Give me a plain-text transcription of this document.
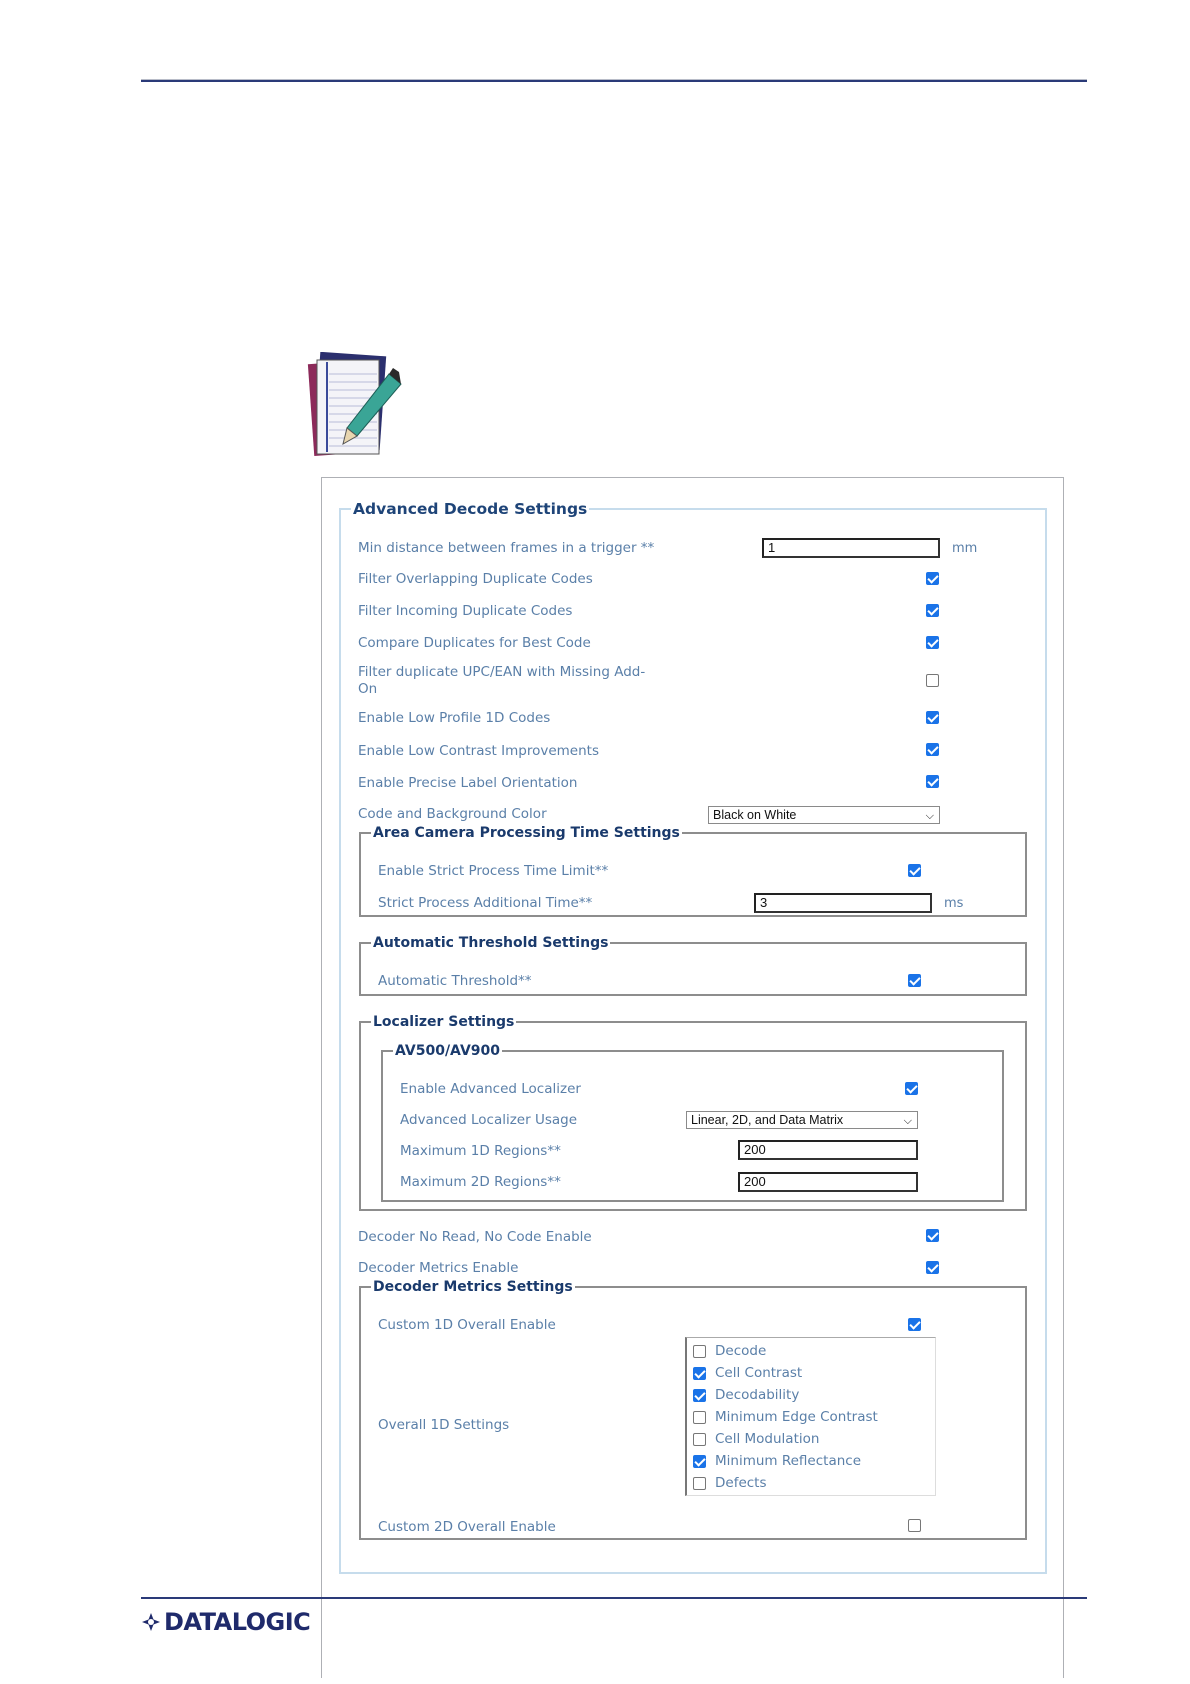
Advanced Decode Settings
Min distance between frames in a trigger **	1	mm
Filter Overlapping Duplicate Codes
Filter Incoming Duplicate Codes
Compare Duplicates for Best Code
Filter duplicate UPC/EAN with Missing Add-
On
Enable Low Profile 1D Codes
Enable Low Contrast Improvements
Enable Precise Label Orientation
Code and Background Color	Black on White	⌵
Area Camera Processing Time Settings
Enable Strict Process Time Limit**
Strict Process Additional Time**	3	ms
Automatic Threshold Settings
Automatic Threshold**
Localizer Settings
AV500/AV900
Enable Advanced Localizer
Advanced Localizer Usage	Linear, 2D, and Data Matrix	⌵
Maximum 1D Regions**	200
Maximum 2D Regions**	200
Decoder No Read, No Code Enable
Decoder Metrics Enable
Decoder Metrics Settings
Custom 1D Overall Enable
Overall 1D Settings
Decode
Cell Contrast
Decodability
Minimum Edge Contrast
Cell Modulation
Minimum Reflectance
Defects
Custom 2D Overall Enable
DATALOGIC
